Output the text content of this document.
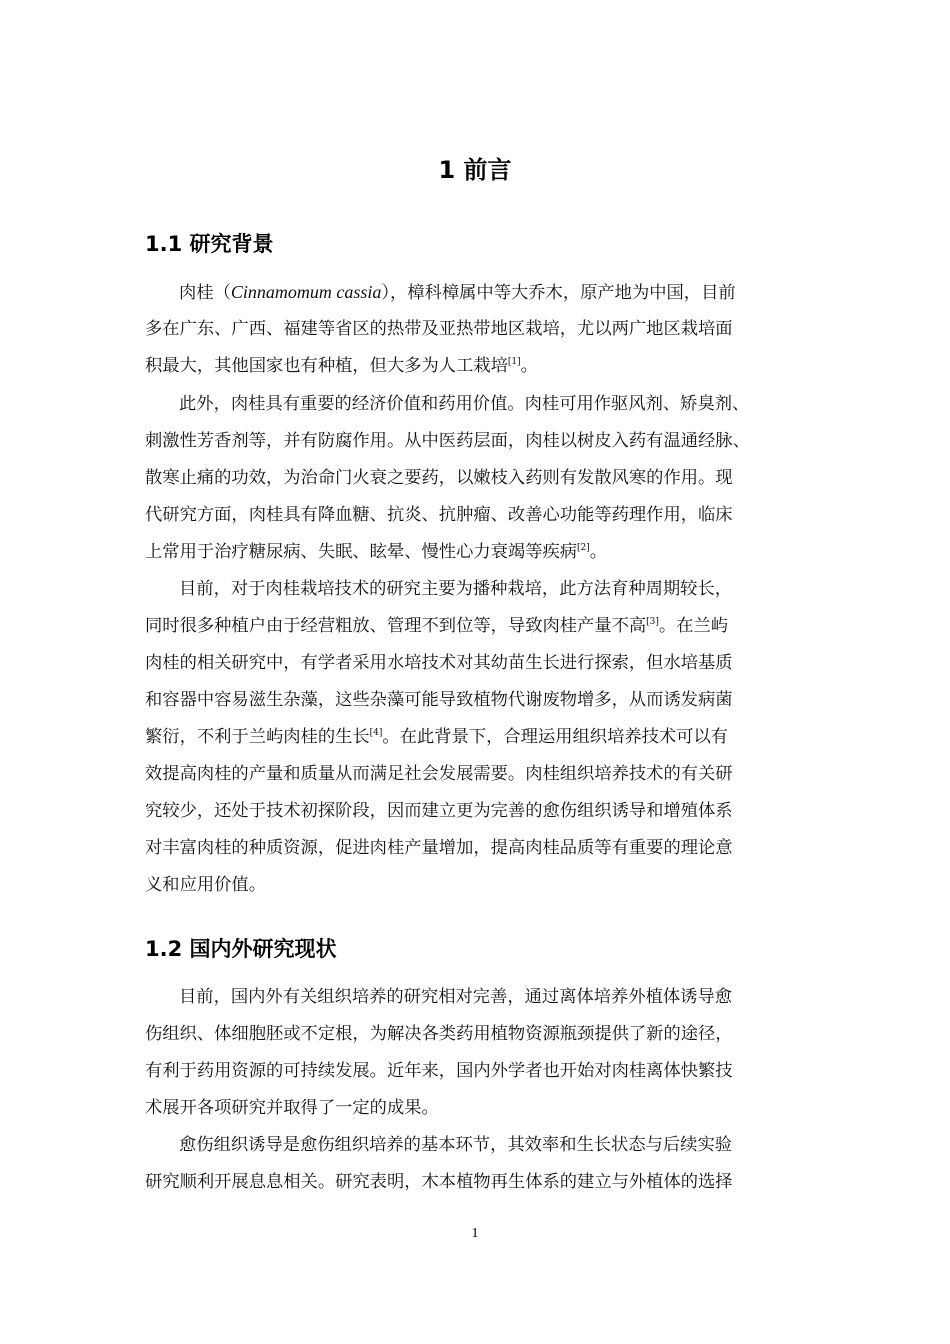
1 前言
1.1 研究背景

肉桂（Cinnamomum cassia），樟科樟属中等大乔木，原产地为中国，目前

多在广东、广西、福建等省区的热带及亚热带地区栽培，尤以两广地区栽培面

积最大，其他国家也有种植，但大多为人工栽培[1]。

此外，肉桂具有重要的经济价值和药用价值。肉桂可用作驱风剂、矫臭剂、

刺激性芳香剂等，并有防腐作用。从中医药层面，肉桂以树皮入药有温通经脉、

散寒止痛的功效，为治命门火衰之要药，以嫩枝入药则有发散风寒的作用。现

代研究方面，肉桂具有降血糖、抗炎、抗肿瘤、改善心功能等药理作用，临床

上常用于治疗糖尿病、失眠、眩晕、慢性心力衰竭等疾病[2]。

目前，对于肉桂栽培技术的研究主要为播种栽培，此方法育种周期较长，

同时很多种植户由于经营粗放、管理不到位等，导致肉桂产量不高[3]。在兰屿

肉桂的相关研究中，有学者采用水培技术对其幼苗生长进行探索，但水培基质

和容器中容易滋生杂藻，这些杂藻可能导致植物代谢废物增多，从而诱发病菌

繁衍，不利于兰屿肉桂的生长[4]。在此背景下，合理运用组织培养技术可以有

效提高肉桂的产量和质量从而满足社会发展需要。肉桂组织培养技术的有关研

究较少，还处于技术初探阶段，因而建立更为完善的愈伤组织诱导和增殖体系

对丰富肉桂的种质资源，促进肉桂产量增加，提高肉桂品质等有重要的理论意

义和应用价值。

1.2 国内外研究现状

目前，国内外有关组织培养的研究相对完善，通过离体培养外植体诱导愈

伤组织、体细胞胚或不定根，为解决各类药用植物资源瓶颈提供了新的途径，

有利于药用资源的可持续发展。近年来，国内外学者也开始对肉桂离体快繁技

术展开各项研究并取得了一定的成果。

愈伤组织诱导是愈伤组织培养的基本环节，其效率和生长状态与后续实验

研究顺利开展息息相关。研究表明，木本植物再生体系的建立与外植体的选择

1
